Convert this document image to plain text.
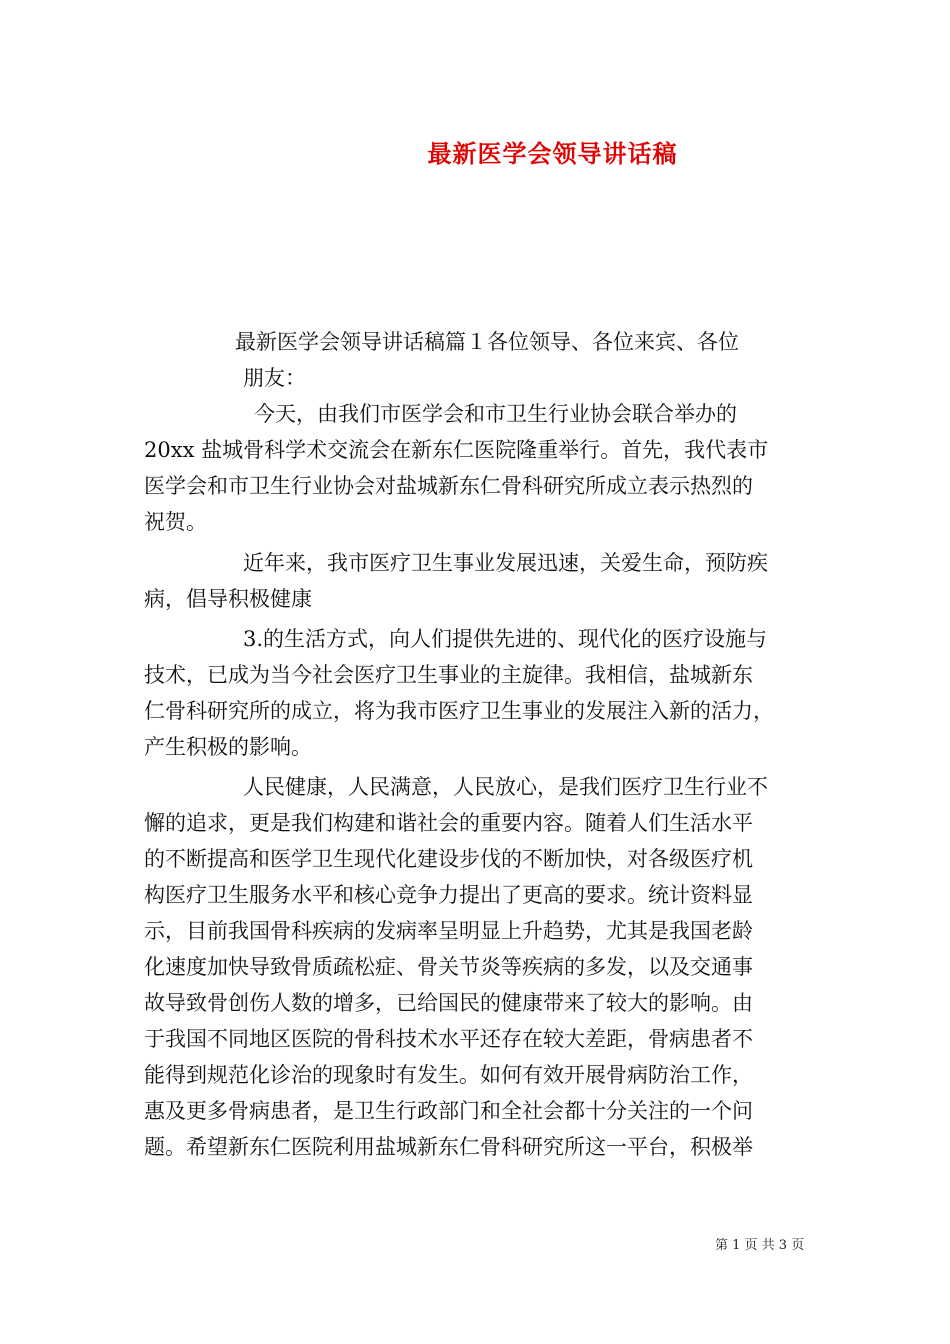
最新医学会领导讲话稿
最新医学会领导讲话稿篇１各位领导、各位来宾、各位
朋友：
今天，由我们市医学会和市卫生行业协会联合举办的
20xx 盐城骨科学术交流会在新东仁医院隆重举行。首先，我代表市
医学会和市卫生行业协会对盐城新东仁骨科研究所成立表示热烈的
祝贺。
近年来，我市医疗卫生事业发展迅速，关爱生命，预防疾
病，倡导积极健康
3.的生活方式，向人们提供先进的、现代化的医疗设施与
技术，已成为当今社会医疗卫生事业的主旋律。我相信，盐城新东
仁骨科研究所的成立，将为我市医疗卫生事业的发展注入新的活力，
产生积极的影响。
人民健康，人民满意，人民放心，是我们医疗卫生行业不
懈的追求，更是我们构建和谐社会的重要内容。随着人们生活水平
的不断提高和医学卫生现代化建设步伐的不断加快，对各级医疗机
构医疗卫生服务水平和核心竞争力提出了更高的要求。统计资料显
示，目前我国骨科疾病的发病率呈明显上升趋势，尤其是我国老龄
化速度加快导致骨质疏松症、骨关节炎等疾病的多发，以及交通事
故导致骨创伤人数的增多，已给国民的健康带来了较大的影响。由
于我国不同地区医院的骨科技术水平还存在较大差距，骨病患者不
能得到规范化诊治的现象时有发生。如何有效开展骨病防治工作，
惠及更多骨病患者，是卫生行政部门和全社会都十分关注的一个问
题。希望新东仁医院利用盐城新东仁骨科研究所这一平台，积极举
第 1 页 共 3 页
